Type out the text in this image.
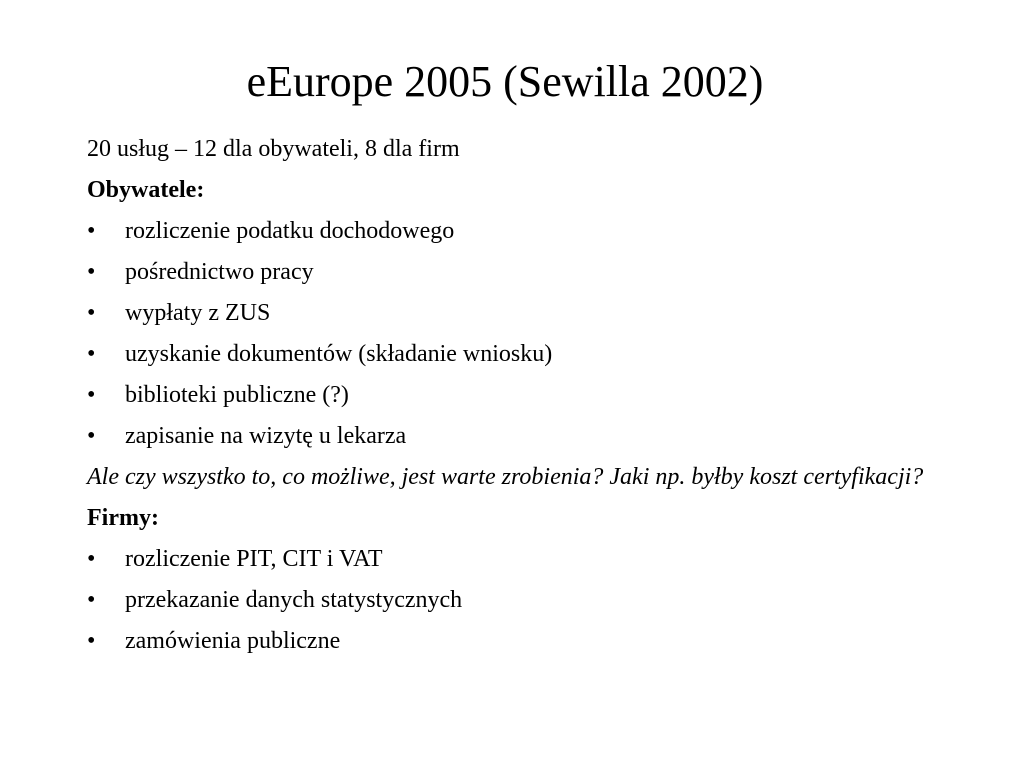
eEurope 2005 (Sewilla 2002)

20 usług – 12 dla obywateli, 8 dla firm

Obywatele:

• rozliczenie podatku dochodowego
• pośrednictwo pracy
• wypłaty z ZUS
• uzyskanie dokumentów (składanie wniosku)
• biblioteki publiczne (?)
• zapisanie na wizytę u lekarza

Ale czy wszystko to, co możliwe, jest warte zrobienia? Jaki np. byłby koszt certyfikacji?

Firmy:

• rozliczenie PIT, CIT i VAT
• przekazanie danych statystycznych
• zamówienia publiczne
